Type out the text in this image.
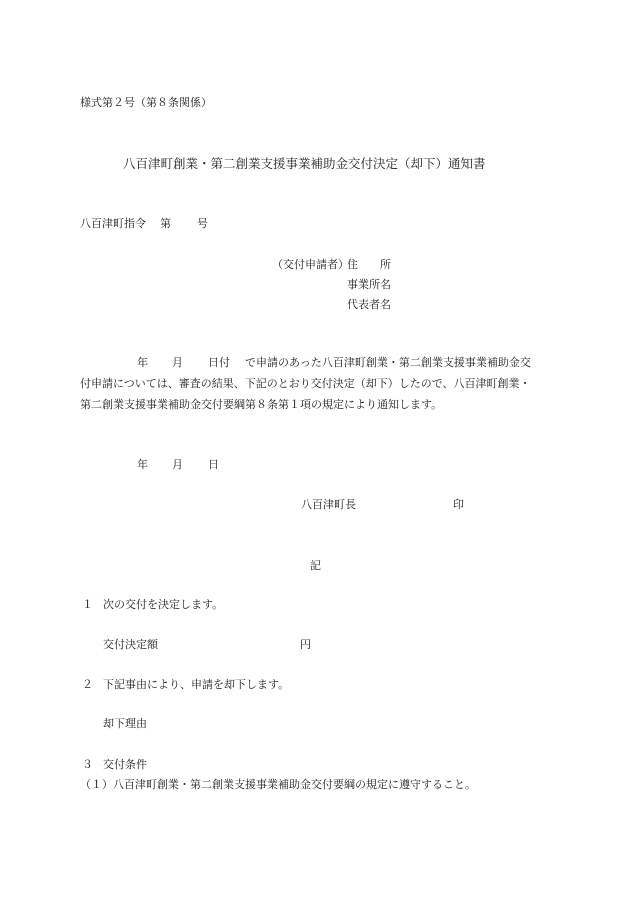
様式第２号（第８条関係）
八百津町創業・第二創業支援事業補助金交付決定（却下）通知書
八百津町指令 第 号
（交付申請者）
住　　所
事業所名
代表者名
年 月 日付 で申請のあった八百津町創業・第二創業支援事業補助金交
付申請については、審査の結果、下記のとおり交付決定（却下）したので、八百津町創業・
第二創業支援事業補助金交付要綱第８条第１項の規定により通知します。
年 月 日
八百津町長	印
記
１ 次の交付を決定します。
交付決定額	円
２ 下記事由により、申請を却下します。
却下理由
３ 交付条件
（１）八百津町創業・第二創業支援事業補助金交付要綱の規定に遵守すること。
